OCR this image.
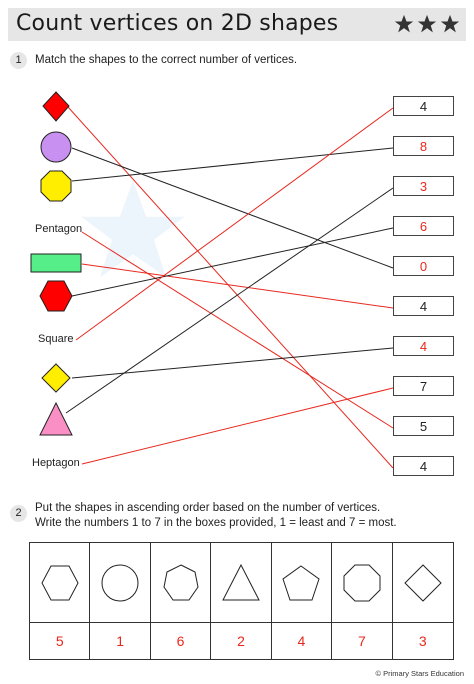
Count vertices on 2D shapes
1	Match the shapes to the correct number of vertices.
Pentagon
Square
Heptagon
4
8
3
6
0
4
4
7
5
4
2	Put the shapes in ascending order based on the number of vertices.
Write the numbers 1 to 7 in the boxes provided, 1 = least and 7 = most.
5	1	6	2	4	7	3
© Primary Stars Education
